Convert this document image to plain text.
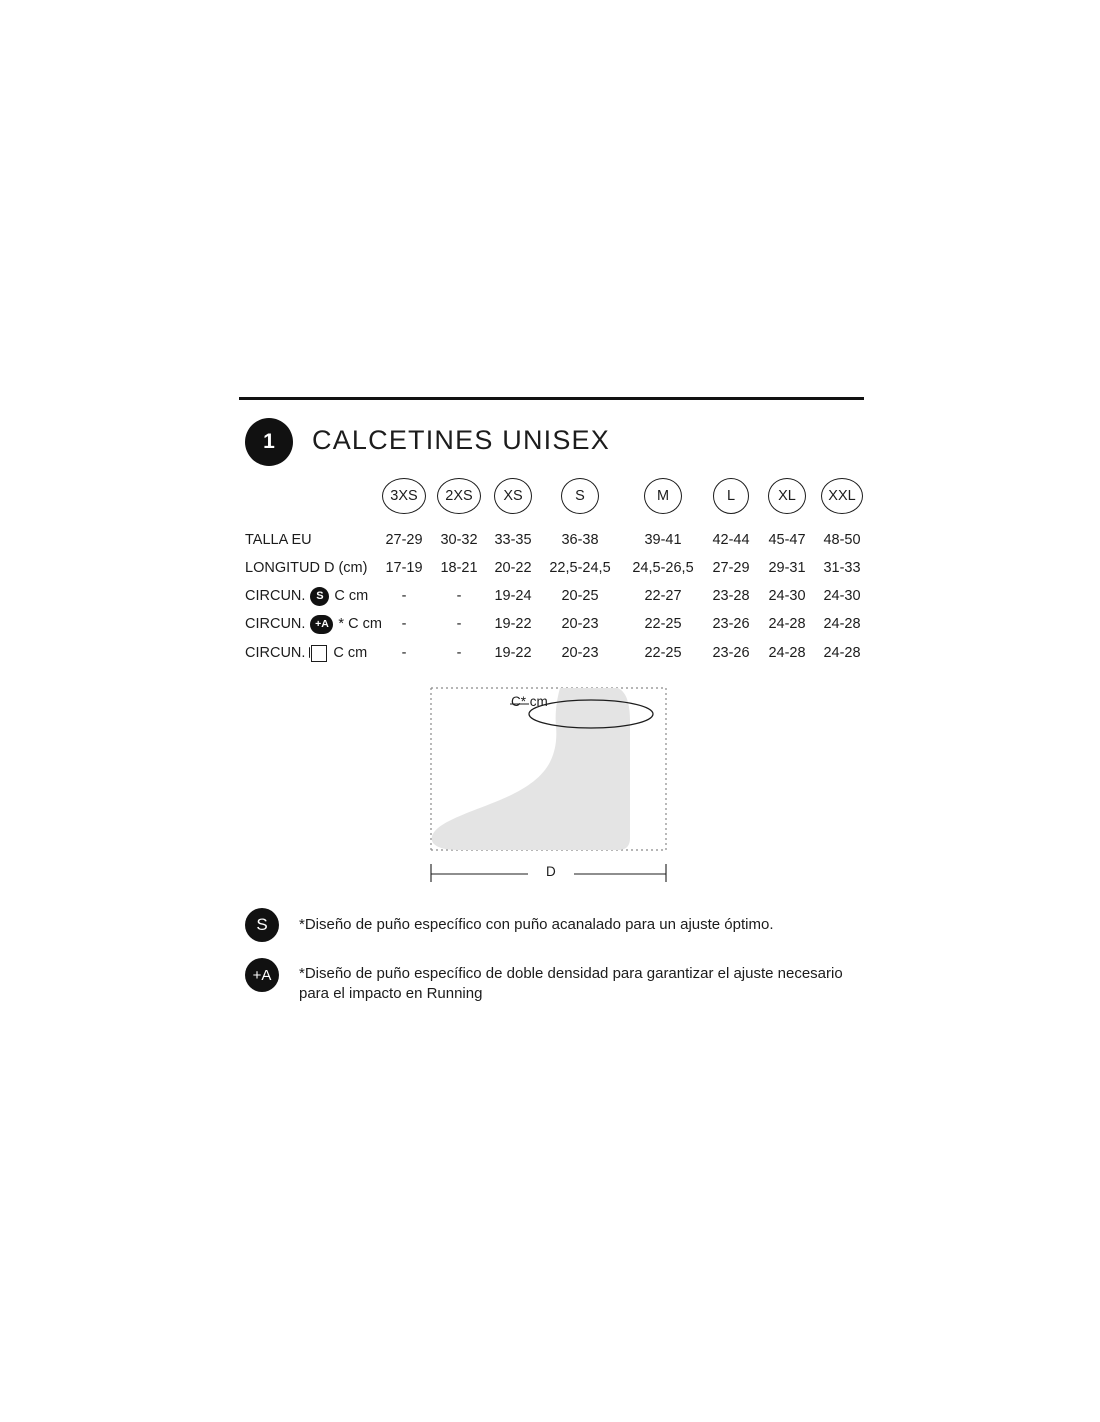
1	CALCETINES UNISEX
3XS	2XS	XS	S	M	L	XL	XXL
TALLA EU	27-29	30-32	33-35	36-38	39-41	42-44	45-47	48-50
LONGITUD D (cm)	17-19	18-21	20-22	22,5-24,5	24,5-26,5	27-29	29-31	31-33
CIRCUN. S C cm	-	-	19-24	20-25	22-27	23-28	24-30	24-30
CIRCUN. +A * C cm	-	-	19-22	20-23	22-25	23-26	24-28	24-28
CIRCUN. C cm	-	-	19-22	20-23	22-25	23-26	24-28	24-28
C* cm
D
S	*Diseño de puño específico con puño acanalado para un ajuste óptimo.
+A	*Diseño de puño específico de doble densidad para garantizar el ajuste necesario para el impacto en Running
